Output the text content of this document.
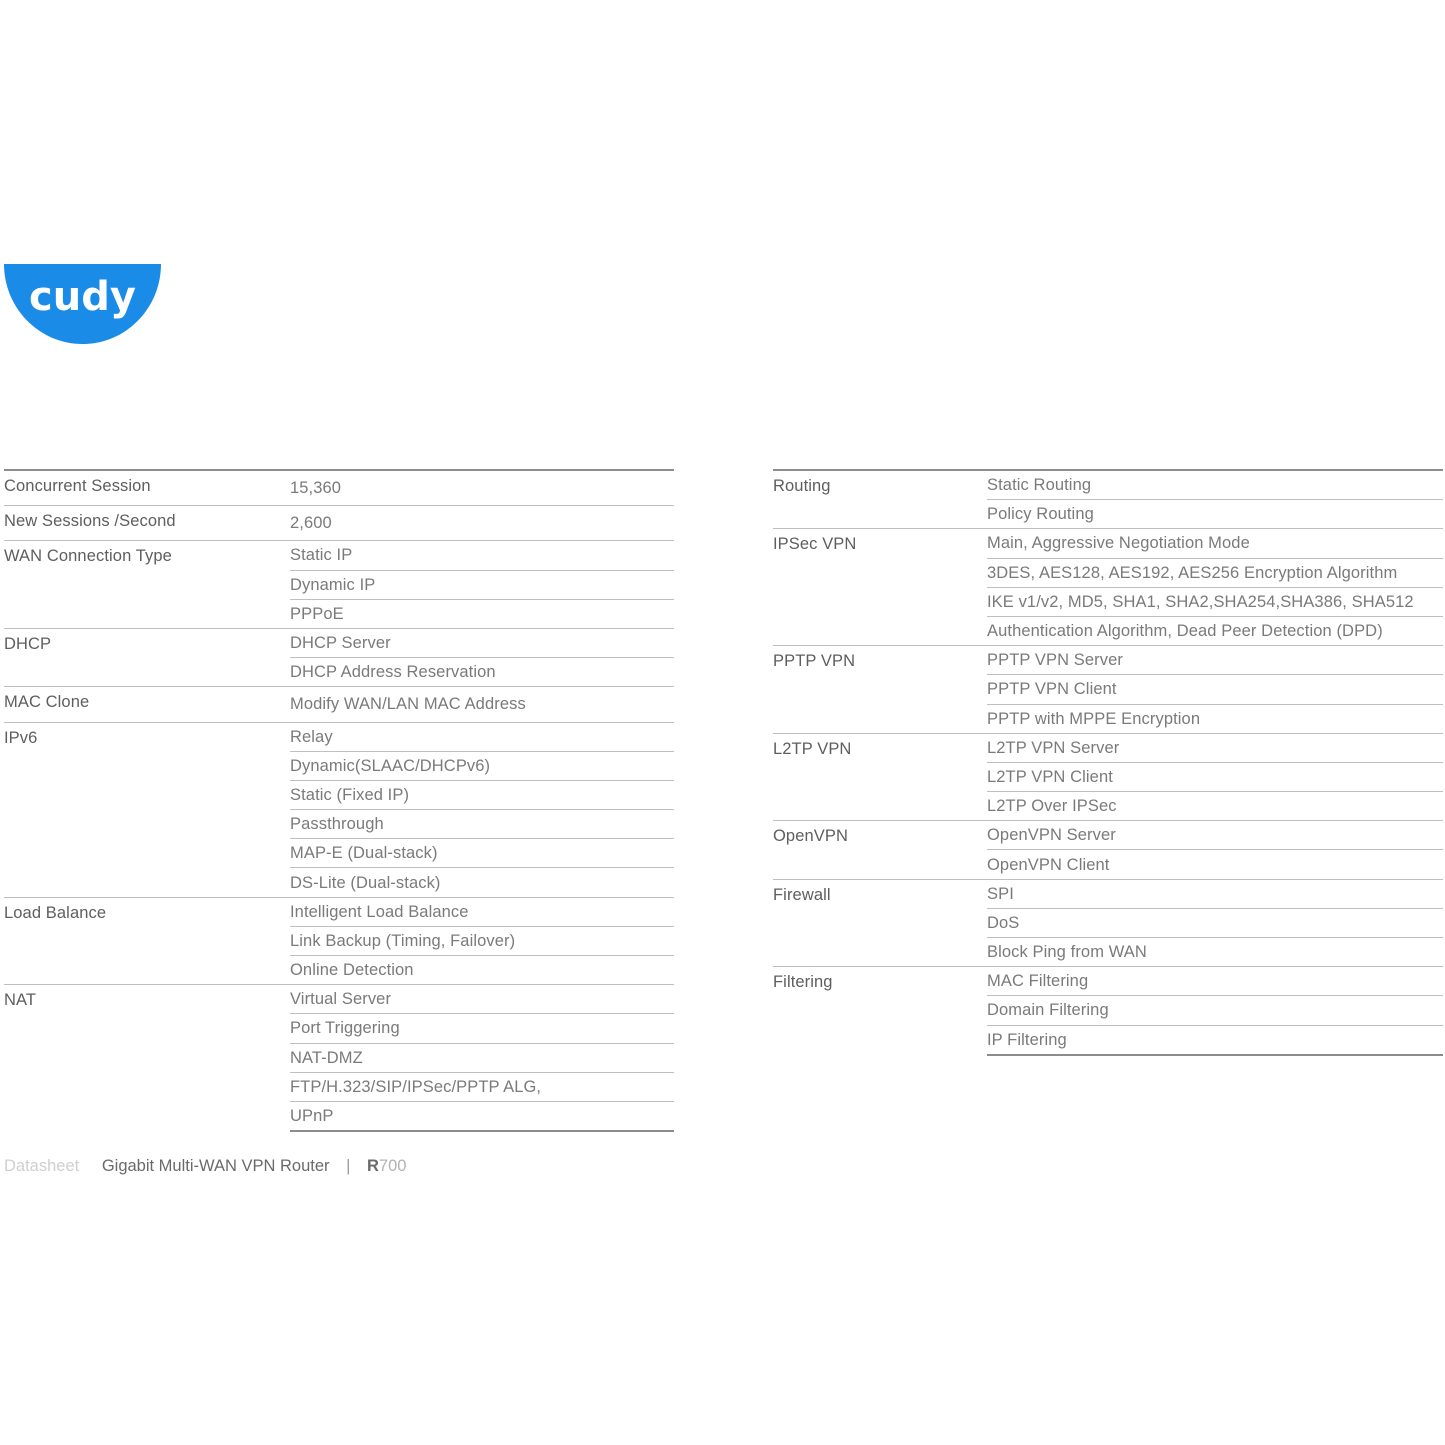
cudy
Concurrent Session	15,360
New Sessions /Second	2,600
WAN Connection Type	Static IP
	Dynamic IP
	PPPoE
DHCP	DHCP Server
	DHCP Address Reservation
MAC Clone	Modify WAN/LAN MAC Address
IPv6	Relay
	Dynamic(SLAAC/DHCPv6)
	Static (Fixed IP)
	Passthrough
	MAP-E (Dual-stack)
	DS-Lite (Dual-stack)
Load Balance	Intelligent Load Balance
	Link Backup (Timing, Failover)
	Online Detection
NAT	Virtual Server
	Port Triggering
	NAT-DMZ
	FTP/H.323/SIP/IPSec/PPTP ALG,
	UPnP
Routing	Static Routing
	Policy Routing
IPSec VPN	Main, Aggressive Negotiation Mode
	3DES, AES128, AES192, AES256 Encryption Algorithm
	IKE v1/v2, MD5, SHA1, SHA2,SHA254,SHA386, SHA512
	Authentication Algorithm, Dead Peer Detection (DPD)
PPTP VPN	PPTP VPN Server
	PPTP VPN Client
	PPTP with MPPE Encryption
L2TP VPN	L2TP VPN Server
	L2TP VPN Client
	L2TP Over IPSec
OpenVPN	OpenVPN Server
	OpenVPN Client
Firewall	SPI
	DoS
	Block Ping from WAN
Filtering	MAC Filtering
	Domain Filtering
	IP Filtering
Datasheet Gigabit Multi-WAN VPN Router | R700
